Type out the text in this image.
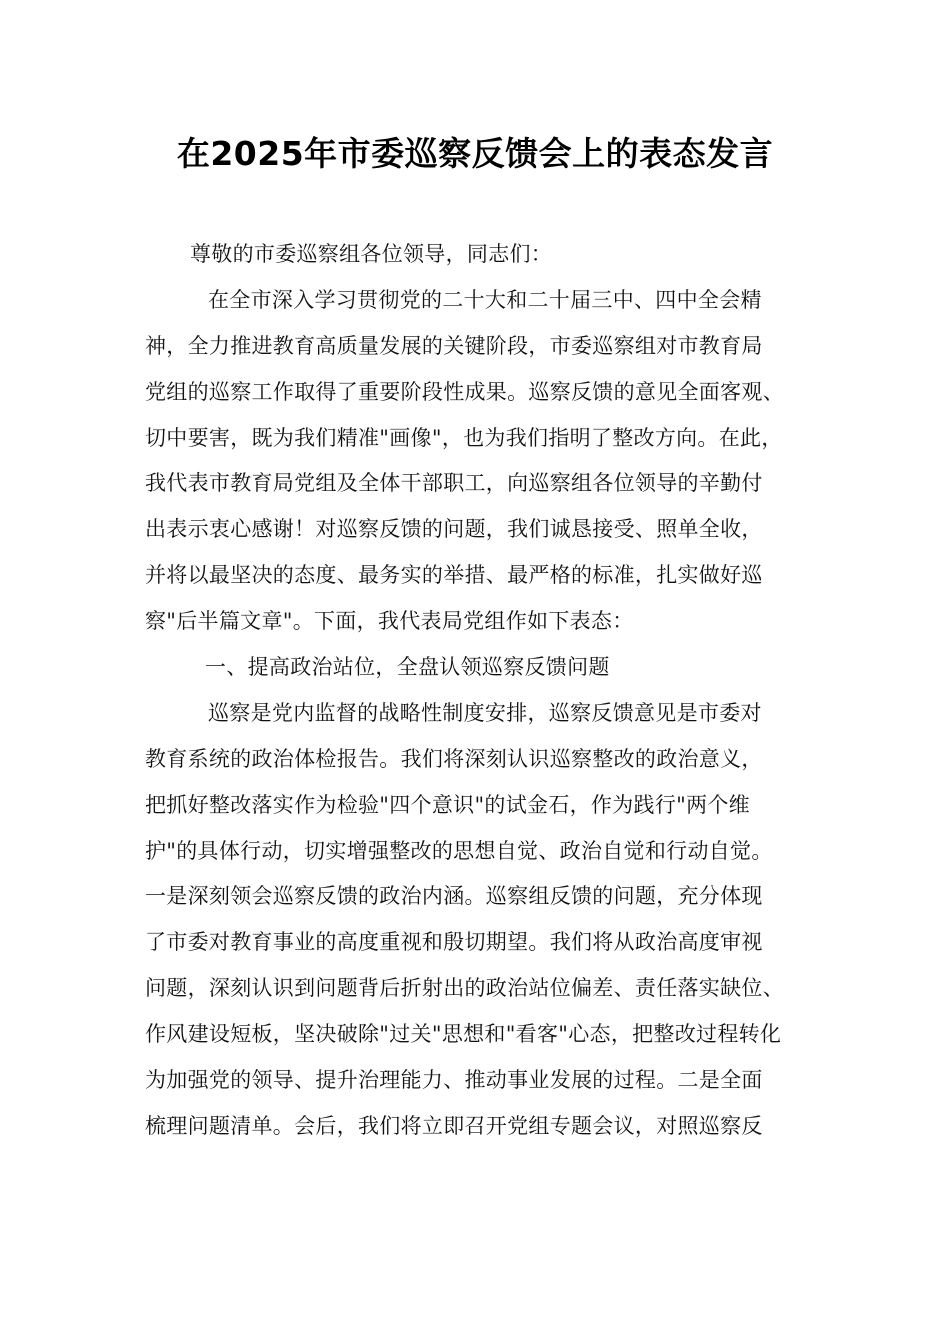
在2025年市委巡察反馈会上的表态发言
尊敬的市委巡察组各位领导，同志们：
在全市深入学习贯彻党的二十大和二十届三中、四中全会精
神，全力推进教育高质量发展的关键阶段，市委巡察组对市教育局
党组的巡察工作取得了重要阶段性成果。巡察反馈的意见全面客观、
切中要害，既为我们精准"画像"，也为我们指明了整改方向。在此，
我代表市教育局党组及全体干部职工，向巡察组各位领导的辛勤付
出表示衷心感谢！对巡察反馈的问题，我们诚恳接受、照单全收，
并将以最坚决的态度、最务实的举措、最严格的标准，扎实做好巡
察"后半篇文章"。下面，我代表局党组作如下表态：
一、提高政治站位，全盘认领巡察反馈问题
巡察是党内监督的战略性制度安排，巡察反馈意见是市委对
教育系统的政治体检报告。我们将深刻认识巡察整改的政治意义，
把抓好整改落实作为检验"四个意识"的试金石，作为践行"两个维
护"的具体行动，切实增强整改的思想自觉、政治自觉和行动自觉。
一是深刻领会巡察反馈的政治内涵。巡察组反馈的问题，充分体现
了市委对教育事业的高度重视和殷切期望。我们将从政治高度审视
问题，深刻认识到问题背后折射出的政治站位偏差、责任落实缺位、
作风建设短板，坚决破除"过关"思想和"看客"心态，把整改过程转化
为加强党的领导、提升治理能力、推动事业发展的过程。二是全面
梳理问题清单。会后，我们将立即召开党组专题会议，对照巡察反
